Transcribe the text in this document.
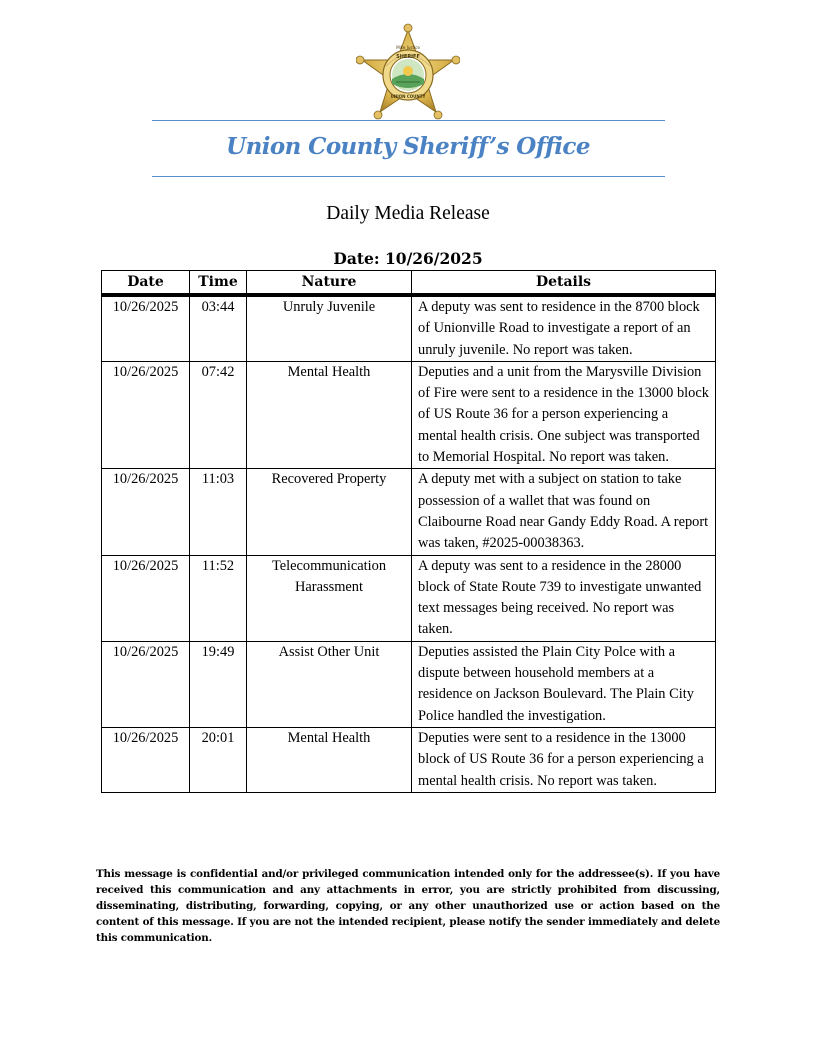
SHERIFF
Mike Justice
UNION COUNTY
Union County Sheriff’s Office
Daily Media Release
Date: 10/26/2025
Date	Time	Nature	Details
10/26/2025	03:44	Unruly Juvenile	A deputy was sent to residence in the 8700 block of Unionville Road to investigate a report of an unruly juvenile. No report was taken.
10/26/2025	07:42	Mental Health	Deputies and a unit from the Marysville Division of Fire were sent to a residence in the 13000 block of US Route 36 for a person experiencing a mental health crisis. One subject was transported to Memorial Hospital. No report was taken.
10/26/2025	11:03	Recovered Property	A deputy met with a subject on station to take possession of a wallet that was found on Claibourne Road near Gandy Eddy Road. A report was taken, #2025-00038363.
10/26/2025	11:52	Telecommunication Harassment	A deputy was sent to a residence in the 28000 block of State Route 739 to investigate unwanted text messages being received. No report was taken.
10/26/2025	19:49	Assist Other Unit	Deputies assisted the Plain City Polce with a dispute between household members at a residence on Jackson Boulevard. The Plain City Police handled the investigation.
10/26/2025	20:01	Mental Health	Deputies were sent to a residence in the 13000 block of US Route 36 for a person experiencing a mental health crisis. No report was taken.
This message is confidential and/or privileged communication intended only for the addressee(s). If you have received this communication and any attachments in error, you are strictly prohibited from discussing, disseminating, distributing, forwarding, copying, or any other unauthorized use or action based on the content of this message. If you are not the intended recipient, please notify the sender immediately and delete this communication.
